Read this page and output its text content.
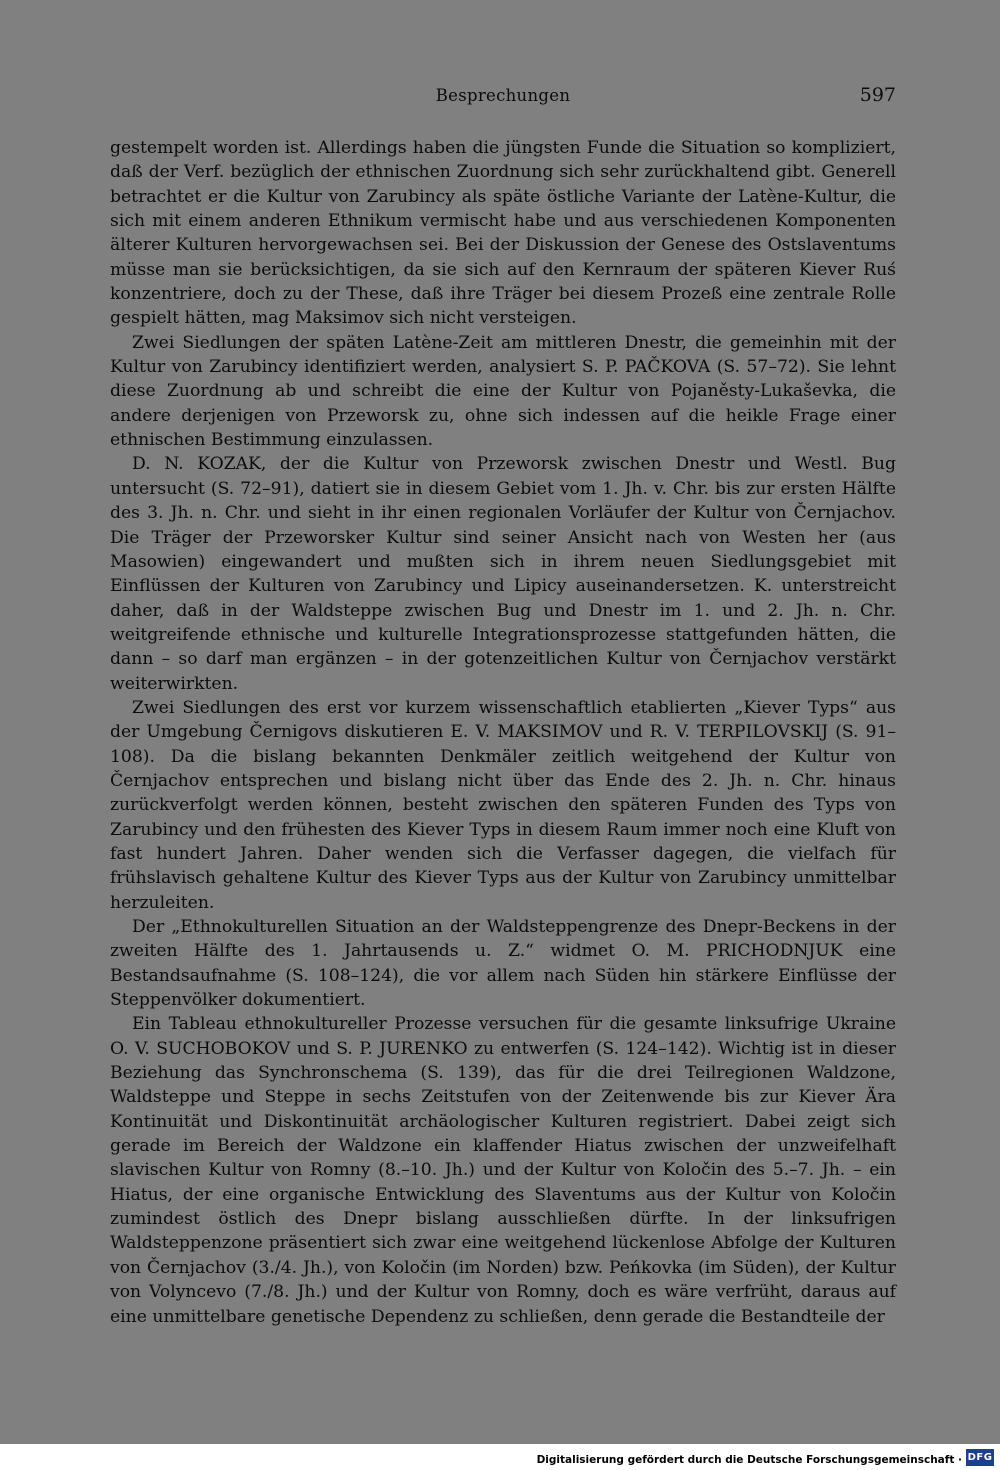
Besprechungen	597

gestempelt worden ist. Allerdings haben die jüngsten Funde die Situation so kompliziert, daß der Verf. bezüglich der ethnischen Zuordnung sich sehr zurückhaltend gibt. Generell betrachtet er die Kultur von Zarubincy als späte östliche Variante der Latène-Kultur, die sich mit einem anderen Ethnikum vermischt habe und aus verschiedenen Komponenten älterer Kulturen hervorgewachsen sei. Bei der Diskussion der Genese des Ostslaventums müsse man sie berücksichtigen, da sie sich auf den Kernraum der späteren Kiever Ruś konzentriere, doch zu der These, daß ihre Träger bei diesem Prozeß eine zentrale Rolle gespielt hätten, mag Maksimov sich nicht versteigen.

Zwei Siedlungen der späten Latène-Zeit am mittleren Dnestr, die gemeinhin mit der Kultur von Zarubincy identifiziert werden, analysiert S. P. PAČKOVA (S. 57–72). Sie lehnt diese Zuordnung ab und schreibt die eine der Kultur von Pojaněsty-Lukaševka, die andere derjenigen von Przeworsk zu, ohne sich indessen auf die heikle Frage einer ethnischen Bestimmung einzulassen.

D. N. KOZAK, der die Kultur von Przeworsk zwischen Dnestr und Westl. Bug untersucht (S. 72–91), datiert sie in diesem Gebiet vom 1. Jh. v. Chr. bis zur ersten Hälfte des 3. Jh. n. Chr. und sieht in ihr einen regionalen Vorläufer der Kultur von Černjachov. Die Träger der Przeworsker Kultur sind seiner Ansicht nach von Westen her (aus Masowien) eingewandert und mußten sich in ihrem neuen Siedlungsgebiet mit Einflüssen der Kulturen von Zarubincy und Lipicy auseinandersetzen. K. unterstreicht daher, daß in der Waldsteppe zwischen Bug und Dnestr im 1. und 2. Jh. n. Chr. weitgreifende ethnische und kulturelle Integrationsprozesse stattgefunden hätten, die dann – so darf man ergänzen – in der gotenzeitlichen Kultur von Černjachov verstärkt weiterwirkten.

Zwei Siedlungen des erst vor kurzem wissenschaftlich etablierten „Kiever Typs“ aus der Umgebung Černigovs diskutieren E. V. MAKSIMOV und R. V. TERPILOVSKIJ (S. 91–108). Da die bislang bekannten Denkmäler zeitlich weitgehend der Kultur von Černjachov entsprechen und bislang nicht über das Ende des 2. Jh. n. Chr. hinaus zurückverfolgt werden können, besteht zwischen den späteren Funden des Typs von Zarubincy und den frühesten des Kiever Typs in diesem Raum immer noch eine Kluft von fast hundert Jahren. Daher wenden sich die Verfasser dagegen, die vielfach für frühslavisch gehaltene Kultur des Kiever Typs aus der Kultur von Zarubincy unmittelbar herzuleiten.

Der „Ethnokulturellen Situation an der Waldsteppengrenze des Dnepr-Beckens in der zweiten Hälfte des 1. Jahrtausends u. Z.“ widmet O. M. PRICHODNJUK eine Bestandsaufnahme (S. 108–124), die vor allem nach Süden hin stärkere Einflüsse der Steppenvölker dokumentiert.

Ein Tableau ethnokultureller Prozesse versuchen für die gesamte linksufrige Ukraine O. V. SUCHOBOKOV und S. P. JURENKO zu entwerfen (S. 124–142). Wichtig ist in dieser Beziehung das Synchronschema (S. 139), das für die drei Teilregionen Waldzone, Waldsteppe und Steppe in sechs Zeitstufen von der Zeitenwende bis zur Kiever Ära Kontinuität und Diskontinuität archäologischer Kulturen registriert. Dabei zeigt sich gerade im Bereich der Waldzone ein klaffender Hiatus zwischen der unzweifelhaft slavischen Kultur von Romny (8.–10. Jh.) und der Kultur von Koločin des 5.–7. Jh. – ein Hiatus, der eine organische Entwicklung des Slaventums aus der Kultur von Koločin zumindest östlich des Dnepr bislang ausschließen dürfte. In der linksufrigen Waldsteppenzone präsentiert sich zwar eine weitgehend lückenlose Abfolge der Kulturen von Černjachov (3./4. Jh.), von Koločin (im Norden) bzw. Peńkovka (im Süden), der Kultur von Volyncevo (7./8. Jh.) und der Kultur von Romny, doch es wäre verfrüht, daraus auf eine unmittelbare genetische Dependenz zu schließen, denn gerade die Bestandteile der

Digitalisierung gefördert durch die Deutsche Forschungsgemeinschaft · DFG
